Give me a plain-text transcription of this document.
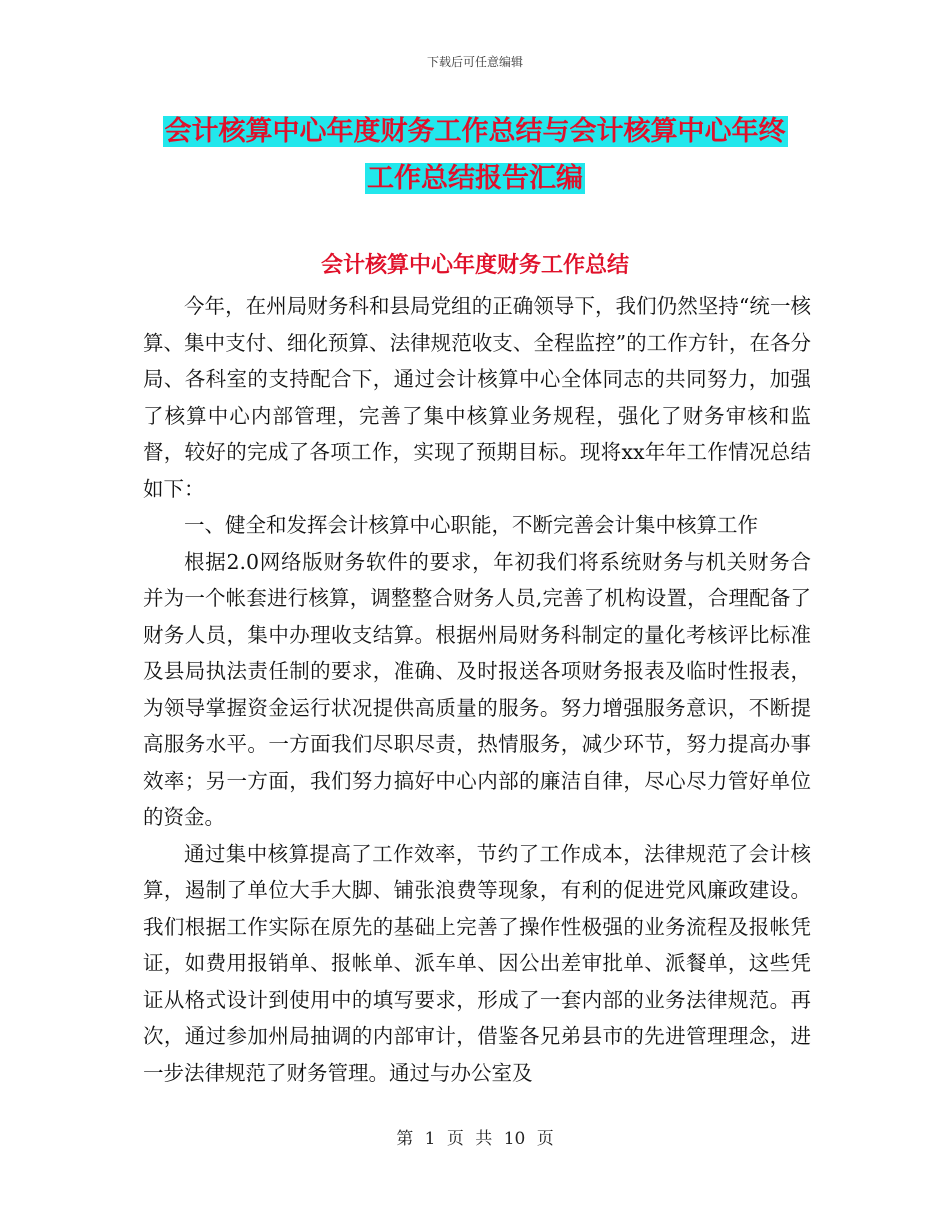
下载后可任意编辑
会计核算中心年度财务工作总结与会计核算中心年终
工作总结报告汇编
会计核算中心年度财务工作总结

今年，在州局财务科和县局党组的正确领导下，我们仍然坚持“统一核算、集中支付、细化预算、法律规范收支、全程监控”的工作方针，在各分局、各科室的支持配合下，通过会计核算中心全体同志的共同努力，加强了核算中心内部管理，完善了集中核算业务规程，强化了财务审核和监督，较好的完成了各项工作，实现了预期目标。现将xx年年工作情况总结如下：

一、健全和发挥会计核算中心职能，不断完善会计集中核算工作

根据2.0网络版财务软件的要求，年初我们将系统财务与机关财务合并为一个帐套进行核算，调整整合财务人员,完善了机构设置，合理配备了财务人员，集中办理收支结算。根据州局财务科制定的量化考核评比标准及县局执法责任制的要求，准确、及时报送各项财务报表及临时性报表，为领导掌握资金运行状况提供高质量的服务。努力增强服务意识，不断提高服务水平。一方面我们尽职尽责，热情服务，减少环节，努力提高办事效率；另一方面，我们努力搞好中心内部的廉洁自律，尽心尽力管好单位的资金。

通过集中核算提高了工作效率，节约了工作成本，法律规范了会计核算，遏制了单位大手大脚、铺张浪费等现象，有利的促进党风廉政建设。我们根据工作实际在原先的基础上完善了操作性极强的业务流程及报帐凭证，如费用报销单、报帐单、派车单、因公出差审批单、派餐单，这些凭证从格式设计到使用中的填写要求，形成了一套内部的业务法律规范。再次，通过参加州局抽调的内部审计，借鉴各兄弟县市的先进管理理念，进一步法律规范了财务管理。通过与办公室及

第 1 页 共 10 页
